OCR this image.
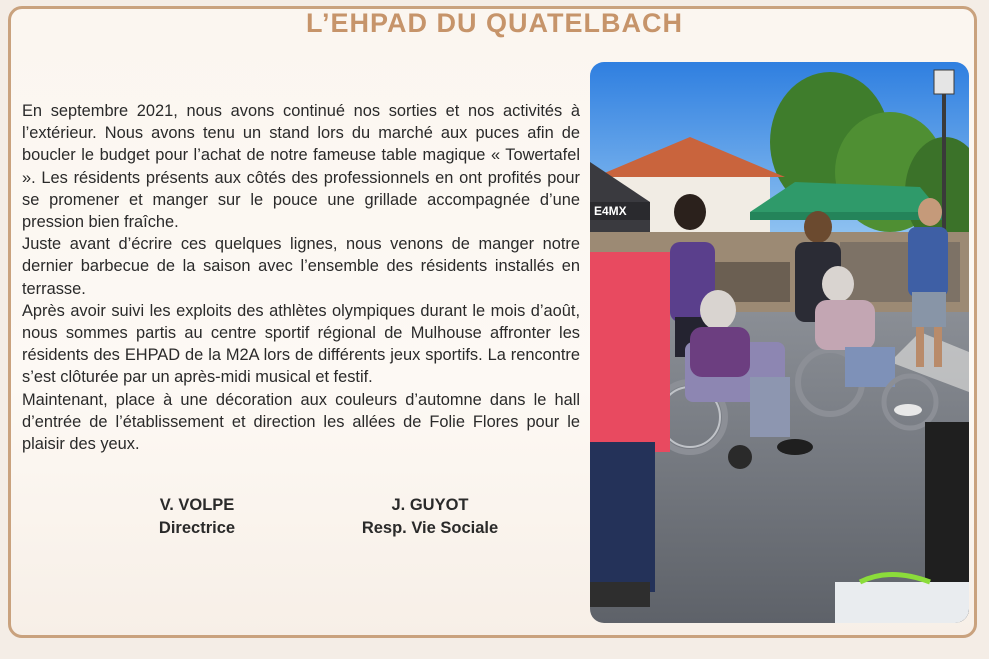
L’EHPAD DU QUATELBACH

En septembre 2021, nous avons continué nos sorties et nos activités à l’extérieur. Nous avons tenu un stand lors du marché aux puces afin de boucler le budget pour l’achat de notre fameuse table magique « Towertafel ». Les résidents présents aux côtés des professionnels en ont profités pour se promener et manger sur le pouce une grillade accompagnée d’une pression bien fraîche.

Juste avant d’écrire ces quelques lignes, nous venons de manger notre dernier barbecue de la saison avec l’ensemble des résidents installés en terrasse.

Après avoir suivi les exploits des athlètes olympiques durant le mois d’août, nous sommes partis au centre sportif régional de Mulhouse affronter les résidents des EHPAD de la M2A lors de différents jeux sportifs. La rencontre s’est clôturée par un après-midi musical et festif.

Maintenant, place à une décoration aux couleurs d’automne dans le hall d’entrée de l’établissement et direction les allées de Folie Flores pour le plaisir des yeux.

V. VOLPE
Directrice
J. GUYOT
Resp. Vie Sociale
E4MX
